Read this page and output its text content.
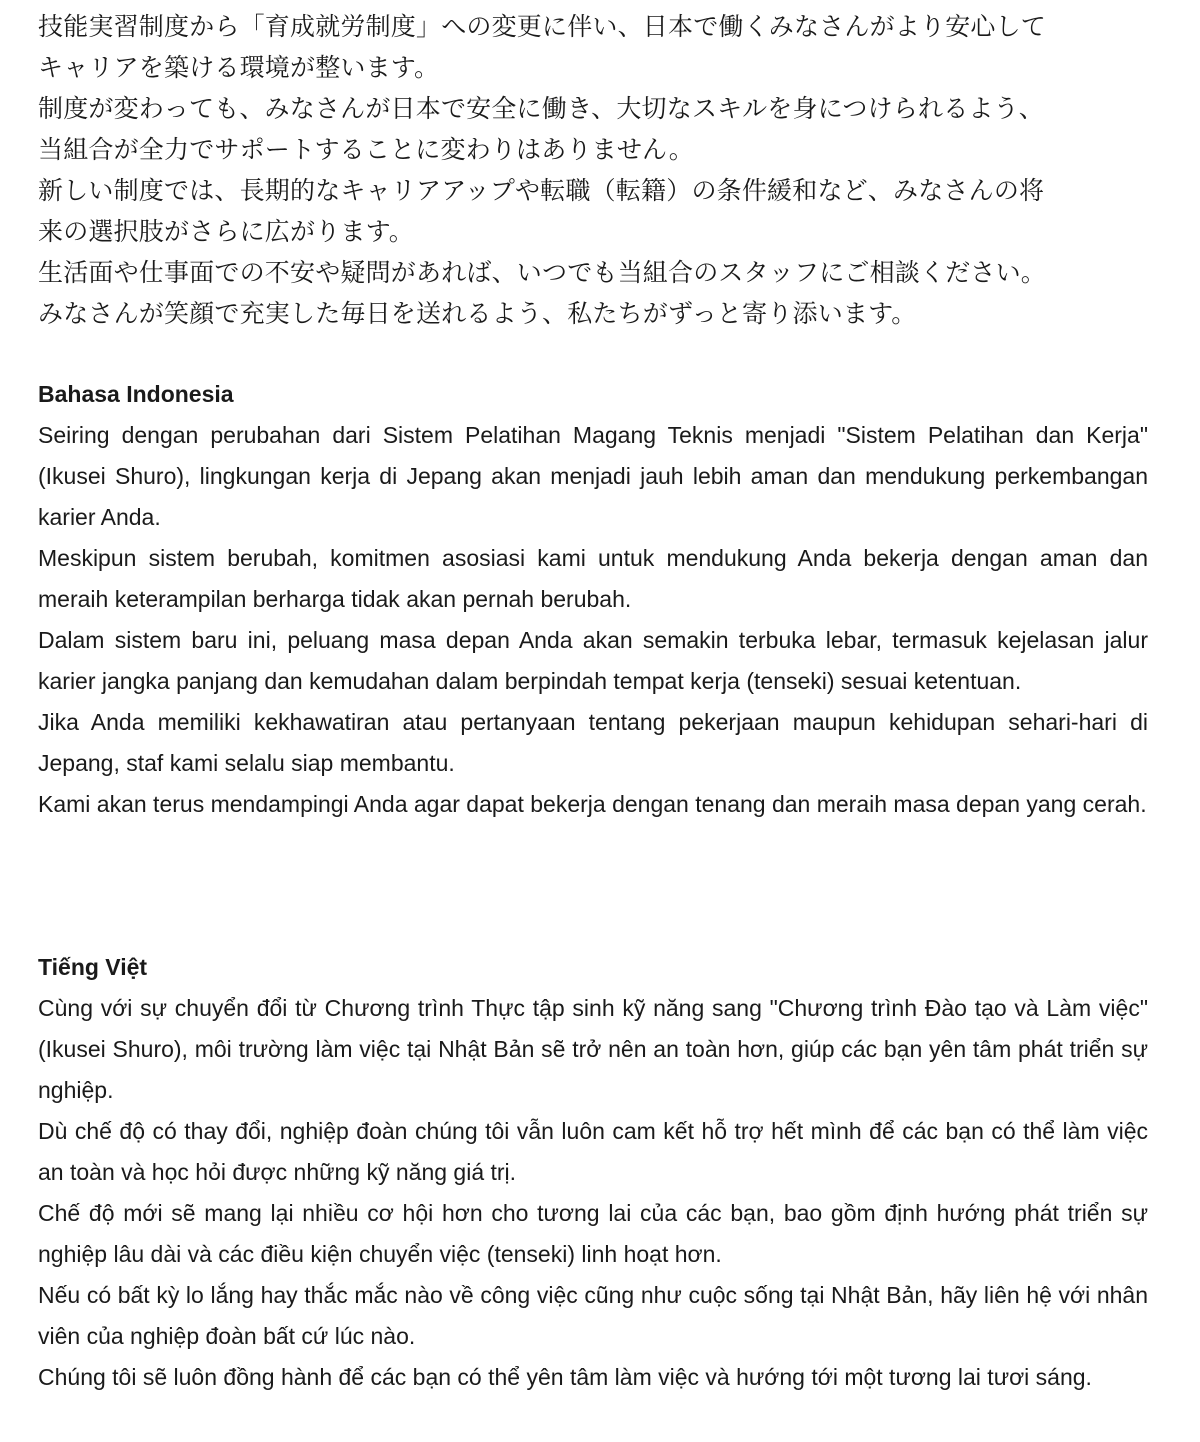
技能実習制度から「育成就労制度」への変更に伴い、日本で働くみなさんがより安心して

キャリアを築ける環境が整います。

制度が変わっても、みなさんが日本で安全に働き、大切なスキルを身につけられるよう、

当組合が全力でサポートすることに変わりはありません。

新しい制度では、長期的なキャリアアップや転職（転籍）の条件緩和など、みなさんの将

来の選択肢がさらに広がります。

生活面や仕事面での不安や疑問があれば、いつでも当組合のスタッフにご相談ください。

みなさんが笑顔で充実した毎日を送れるよう、私たちがずっと寄り添います。

Bahasa Indonesia

Seiring dengan perubahan dari Sistem Pelatihan Magang Teknis menjadi "Sistem Pelatihan dan Kerja" (Ikusei Shuro), lingkungan kerja di Jepang akan menjadi jauh lebih aman dan mendukung perkembangan karier Anda.

Meskipun sistem berubah, komitmen asosiasi kami untuk mendukung Anda bekerja dengan aman dan meraih keterampilan berharga tidak akan pernah berubah.

Dalam sistem baru ini, peluang masa depan Anda akan semakin terbuka lebar, termasuk kejelasan jalur karier jangka panjang dan kemudahan dalam berpindah tempat kerja (tenseki) sesuai ketentuan.

Jika Anda memiliki kekhawatiran atau pertanyaan tentang pekerjaan maupun kehidupan sehari-hari di Jepang, staf kami selalu siap membantu.

Kami akan terus mendampingi Anda agar dapat bekerja dengan tenang dan meraih masa depan yang cerah.

Tiếng Việt

Cùng với sự chuyển đổi từ Chương trình Thực tập sinh kỹ năng sang "Chương trình Đào tạo và Làm việc" (Ikusei Shuro), môi trường làm việc tại Nhật Bản sẽ trở nên an toàn hơn, giúp các bạn yên tâm phát triển sự nghiệp.

Dù chế độ có thay đổi, nghiệp đoàn chúng tôi vẫn luôn cam kết hỗ trợ hết mình để các bạn có thể làm việc an toàn và học hỏi được những kỹ năng giá trị.

Chế độ mới sẽ mang lại nhiều cơ hội hơn cho tương lai của các bạn, bao gồm định hướng phát triển sự nghiệp lâu dài và các điều kiện chuyển việc (tenseki) linh hoạt hơn.

Nếu có bất kỳ lo lắng hay thắc mắc nào về công việc cũng như cuộc sống tại Nhật Bản, hãy liên hệ với nhân viên của nghiệp đoàn bất cứ lúc nào.

Chúng tôi sẽ luôn đồng hành để các bạn có thể yên tâm làm việc và hướng tới một tương lai tươi sáng.
